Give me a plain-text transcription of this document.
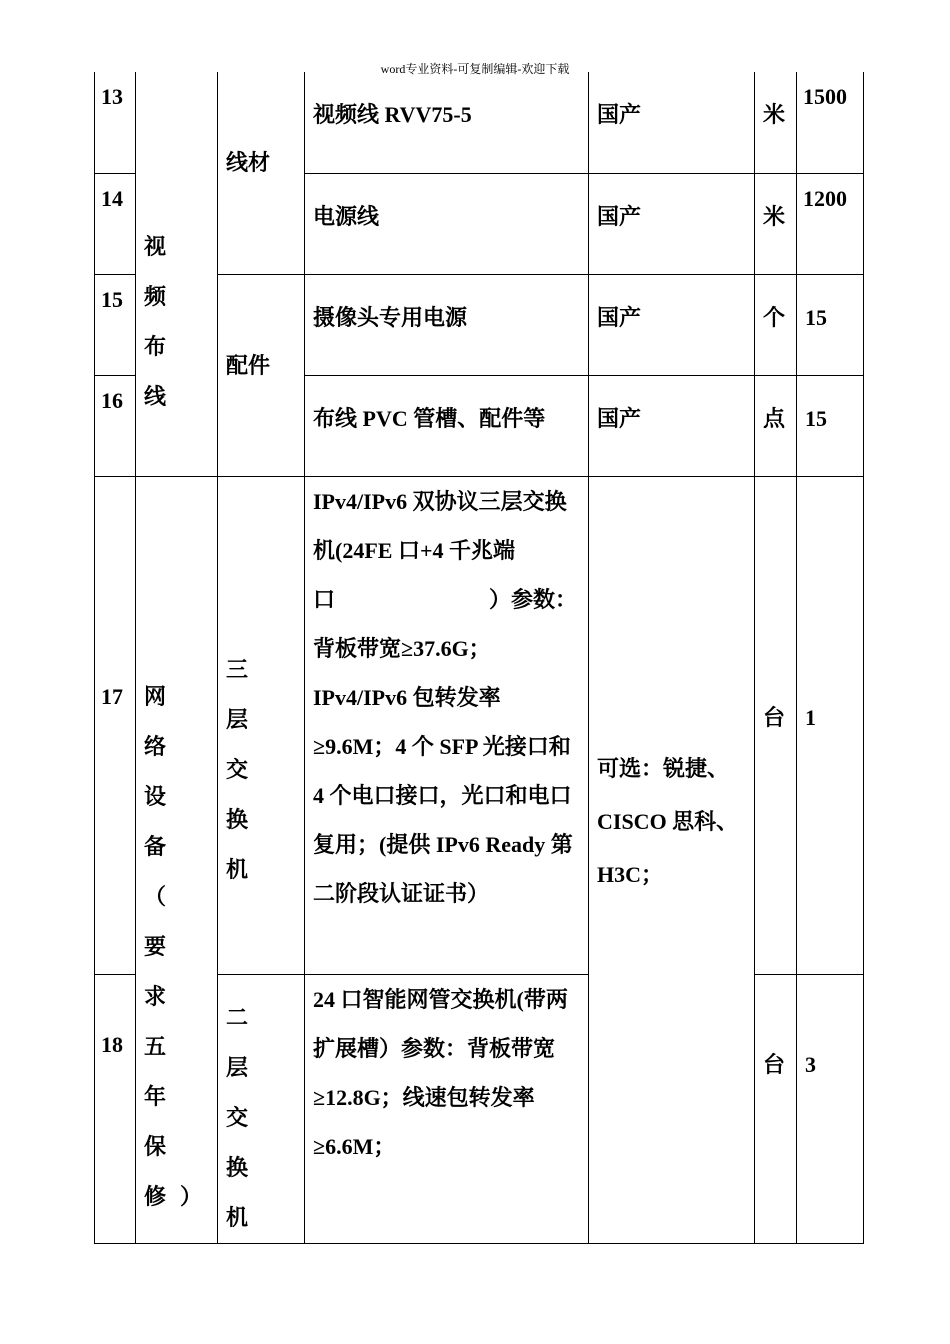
word专业资料-可复制编辑-欢迎下载
13	视 频 布线	线材	视频线 RVV75-5	国产	米	1500
14			电源线	国产	米	1200
15		配件	摄像头专用电源	国产	个	15
16			布线 PVC 管槽、配件等	国产	点	15
17	网 络 设 备 （ 要 求 五 年 保 修）	三 层 交 换 机	IPv4/IPv6 双协议三层交换机(24FE 口+4 千兆端口　　　　　　　）参数：背板带宽≥37.6G；IPv4/IPv6 包转发率≥9.6M；4 个 SFP 光接口和 4 个电口接口，光口和电口复用；(提供 IPv6 Ready 第二阶段认证证书）	可选：锐捷、CISCO 思科、H3C；	台	1
18		二 层 交 换 机	24 口智能网管交换机(带两扩展槽）参数：背板带宽≥12.8G；线速包转发率≥6.6M；		台	3
